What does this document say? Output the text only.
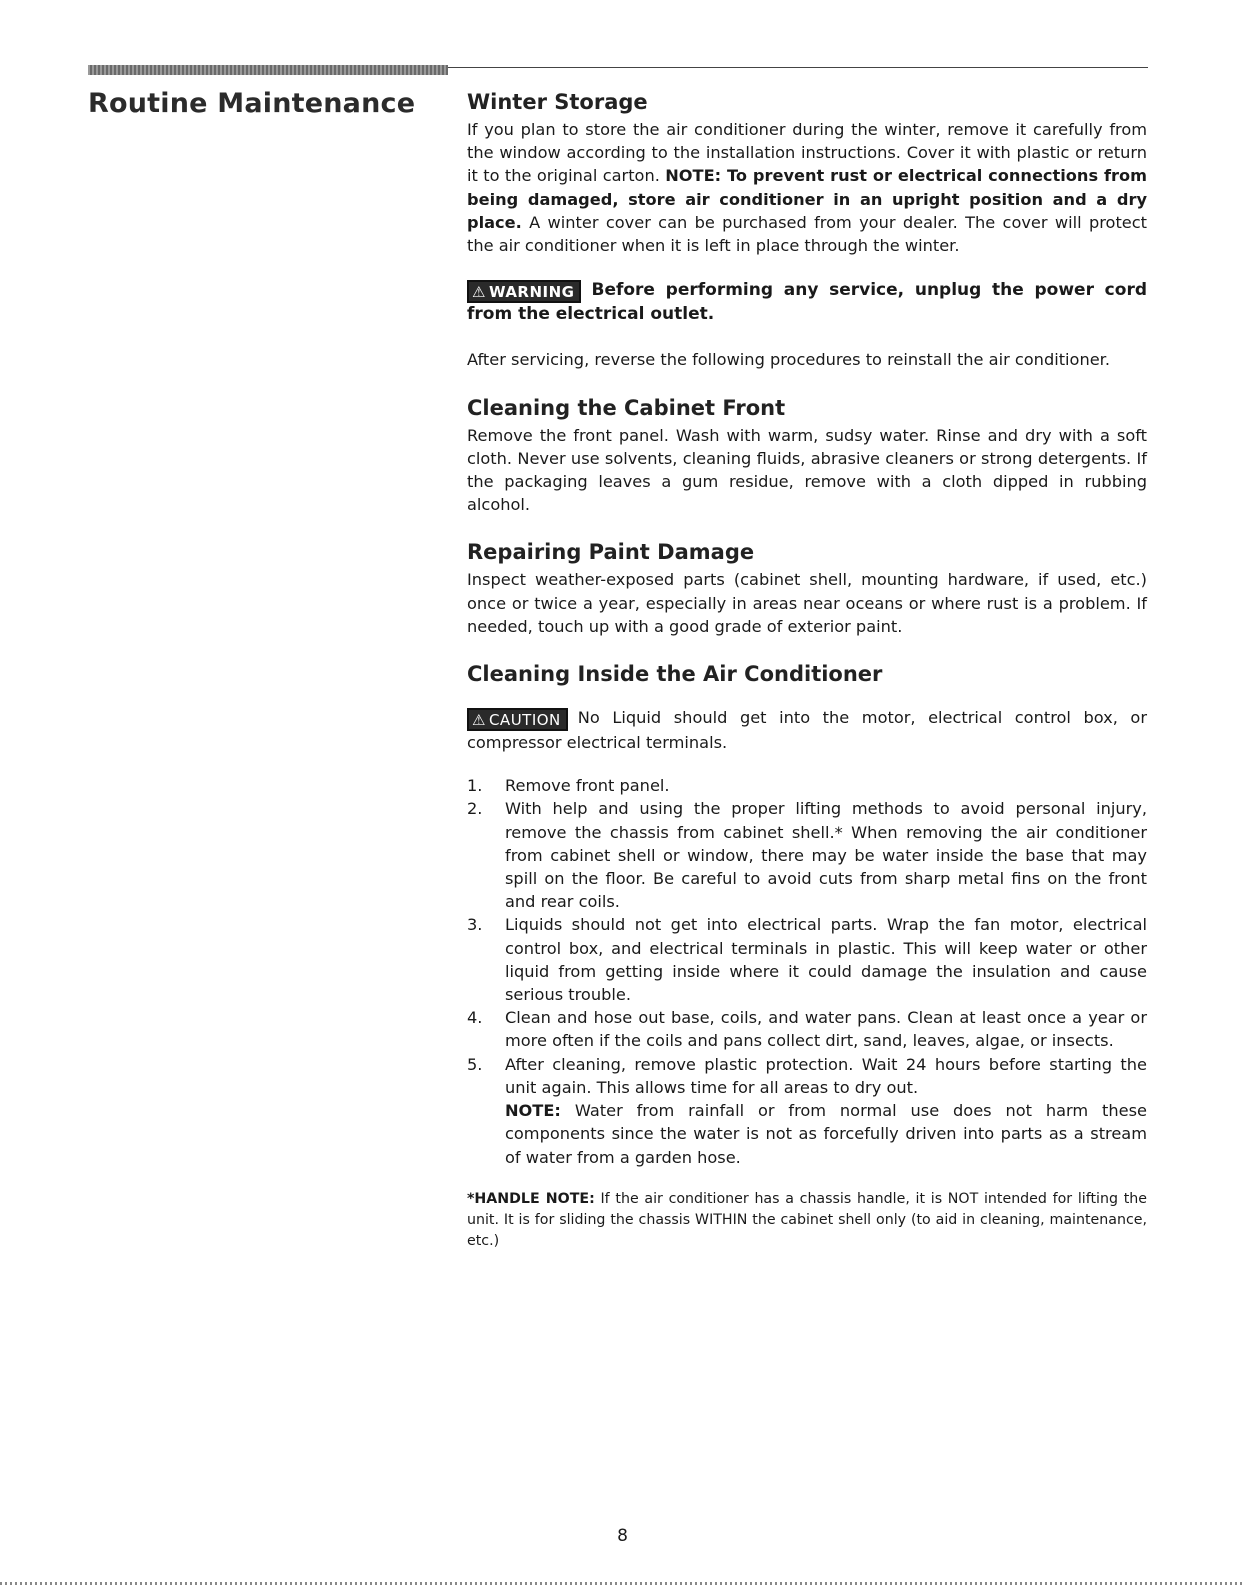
Routine Maintenance Winter Storage

If you plan to store the air conditioner during the winter, remove it carefully from the window according to the installation instructions. Cover it with plastic or return it to the original carton. NOTE: To prevent rust or electrical connections from being damaged, store air conditioner in an upright position and a dry place. A winter cover can be purchased from your dealer. The cover will protect the air conditioner when it is left in place through the winter.

⚠ WARNING Before performing any service, unplug the power cord from the electrical outlet.

After servicing, reverse the following procedures to reinstall the air conditioner.

Cleaning the Cabinet Front

Remove the front panel. Wash with warm, sudsy water. Rinse and dry with a soft cloth. Never use solvents, cleaning fluids, abrasive cleaners or strong detergents. If the packaging leaves a gum residue, remove with a cloth dipped in rubbing alcohol.

Repairing Paint Damage

Inspect weather-exposed parts (cabinet shell, mounting hardware, if used, etc.) once or twice a year, especially in areas near oceans or where rust is a problem. If needed, touch up with a good grade of exterior paint.

Cleaning Inside the Air Conditioner

⚠ CAUTION No Liquid should get into the motor, electrical control box, or compressor electrical terminals.

1. Remove front panel.
2. With help and using the proper lifting methods to avoid personal injury, remove the chassis from cabinet shell.* When removing the air conditioner from cabinet shell or window, there may be water inside the base that may spill on the floor. Be careful to avoid cuts from sharp metal fins on the front and rear coils.
3. Liquids should not get into electrical parts. Wrap the fan motor, electrical control box, and electrical terminals in plastic. This will keep water or other liquid from getting inside where it could damage the insulation and cause serious trouble.
4. Clean and hose out base, coils, and water pans. Clean at least once a year or more often if the coils and pans collect dirt, sand, leaves, algae, or insects.
5. After cleaning, remove plastic protection. Wait 24 hours before starting the unit again. This allows time for all areas to dry out.
NOTE: Water from rainfall or from normal use does not harm these components since the water is not as forcefully driven into parts as a stream of water from a garden hose.

*HANDLE NOTE: If the air conditioner has a chassis handle, it is NOT intended for lifting the unit. It is for sliding the chassis WITHIN the cabinet shell only (to aid in cleaning, maintenance, etc.)

8
